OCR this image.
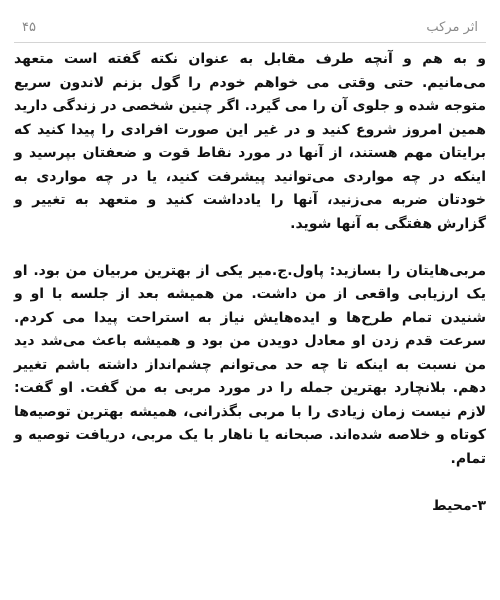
اثر مرکب
۴۵

و به هم و آنچه طرف مقابل به عنوان نکته گفته است متعهد می‌مانیم. حتی وقتی می خواهم خودم را گول بزنم لاندون سریع متوجه شده و جلوی آن را می گیرد. اگر چنین شخصی در زندگی دارید همین امروز شروع کنید و در غیر این صورت افرادی را پیدا کنید که برایتان مهم هستند، از آنها در مورد نقاط قوت و ضعفتان بپرسید و اینکه در چه مواردی می‌توانید پیشرفت کنید، یا در چه مواردی به خودتان ضربه می‌زنید، آنها را یادداشت کنید و متعهد به تغییر و گزارش هفتگی به آنها شوید.

مربی‌هایتان را بسازید: پاول.ج.میر یکی از بهترین مربیان من بود. او یک ارزیابی واقعی از من داشت. من همیشه بعد از جلسه با او و شنیدن تمام طرح‌ها و ایده‌هایش نیاز به استراحت پیدا می کردم. سرعت قدم زدن او معادل دویدن من بود و همیشه باعث می‌شد دید من نسبت به اینکه تا چه حد می‌توانم چشم‌انداز داشته باشم تغییر دهم. بلانچارد بهترین جمله را در مورد مربی به من گفت. او گفت: لازم نیست زمان زیادی را با مربی بگذرانی، همیشه بهترین توصیه‌ها کوتاه و خلاصه شده‌اند. صبحانه یا ناهار با یک مربی، دریافت توصیه و تمام.

۳-محیط
